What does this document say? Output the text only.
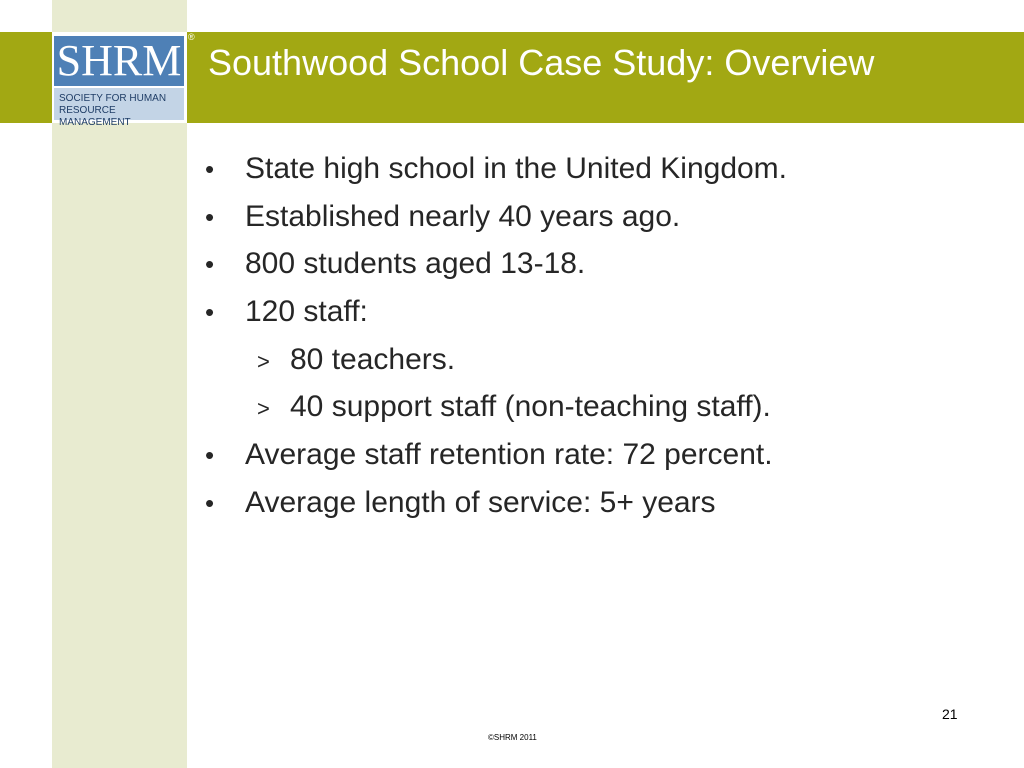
SHRM
SOCIETY FOR HUMAN
RESOURCE MANAGEMENT
®
Southwood School Case Study: Overview
•	State high school in the United Kingdom.
•	Established nearly 40 years ago.
•	800 students aged 13-18.
•	120 staff:
> 80 teachers.
> 40 support staff (non-teaching staff).
•	Average staff retention rate: 72 percent.
•	Average length of service: 5+ years
21
©SHRM 2011
